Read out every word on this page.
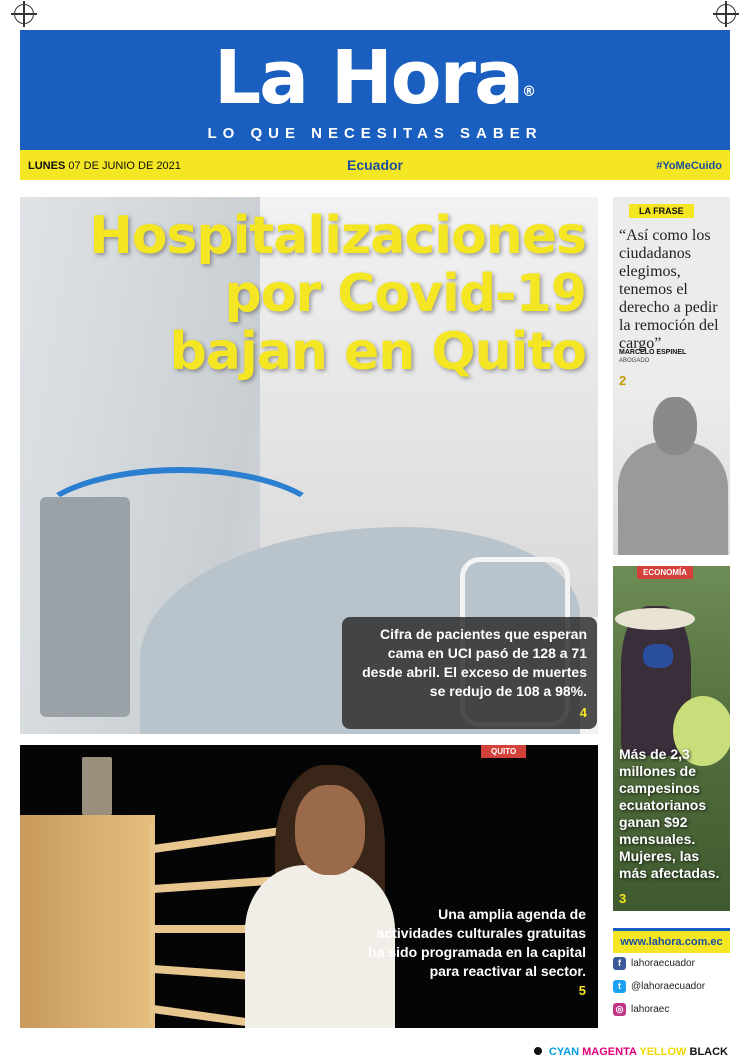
La Hora®
LO QUE NECESITAS SABER
LUNES 07 DE JUNIO DE 2021	Ecuador	#YoMeCuido
Hospitalizaciones
por Covid-19
bajan en Quito
Cifra de pacientes que esperan cama en UCI pasó de 128 a 71 desde abril. El exceso de muertes se redujo de 108 a 98%.
4
LA FRASE
“Así como los ciudadanos elegimos, tenemos el derecho a pedir la remoción del cargo”
MARCELO ESPINEL
ABOGADO
2
ECONOMÍA
Más de 2,3 millones de campesinos ecuatorianos ganan $92 mensuales. Mujeres, las más afectadas.
3
www.lahora.com.ec
f	lahoraecuador
t	@lahoraecuador
◎ lahoraec
QUITO
Una amplia agenda de actividades culturales gratuitas ha sido programada en la capital para reactivar al sector.
5
CYAN MAGENTA YELLOW BLACK
